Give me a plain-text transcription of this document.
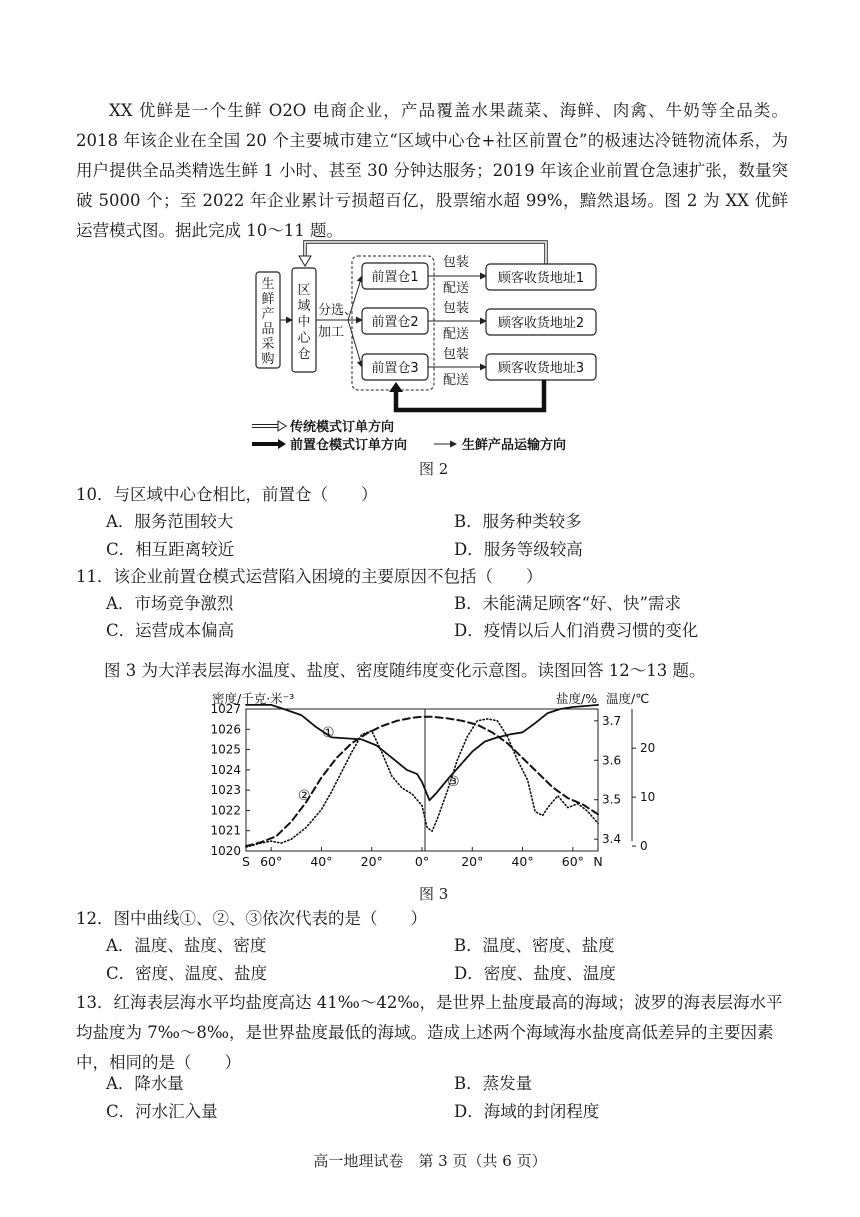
XX 优鲜是一个生鲜 O2O 电商企业，产品覆盖水果蔬菜、海鲜、肉禽、牛奶等全品类。2018 年该企业在全国 20 个主要城市建立“区域中心仓+社区前置仓”的极速达冷链物流体系，为用户提供全品类精选生鲜 1 小时、甚至 30 分钟达服务；2019 年该企业前置仓急速扩张，数量突破 5000 个；至 2022 年企业累计亏损超百亿，股票缩水超 99%，黯然退场。图 2 为 XX 优鲜运营模式图。据此完成 10～11 题。
生
鲜
产
品
采
购
区
域
中
心
仓
分选、
加工
前置仓1
前置仓2
前置仓3
包装
配送
包装
配送
包装
配送
顾客收货地址1
顾客收货地址2
顾客收货地址3
传统模式订单方向
前置仓模式订单方向	生鲜产品运输方向
图 2
10．与区域中心仓相比，前置仓（　　）
A．服务范围较大	B．服务种类较多
C．相互距离较近	D．服务等级较高
11．该企业前置仓模式运营陷入困境的主要原因不包括（　　）
A．市场竞争激烈	B．未能满足顾客“好、快”需求
C．运营成本偏高	D．疫情以后人们消费习惯的变化
图 3 为大洋表层海水温度、盐度、密度随纬度变化示意图。读图回答 12～13 题。
密度/千克·米⁻³	盐度/% 温度/℃
1020
1021
1022
1023
1024
1025
1026
1027
3.4
3.5
3.6
3.7
0
10
20
S 60° 40° 20°	0°	20° 40° 60° N
①
②
③
图 3
12．图中曲线①、②、③依次代表的是（　　）
A．温度、盐度、密度	B．温度、密度、盐度
C．密度、温度、盐度	D．密度、盐度、温度
13．红海表层海水平均盐度高达 41‰～42‰，是世界上盐度最高的海域；波罗的海表层海水平均盐度为 7‰～8‰，是世界盐度最低的海域。造成上述两个海域海水盐度高低差异的主要因素中，相同的是（　　）
A．降水量	B．蒸发量
C．河水汇入量	D．海域的封闭程度
高一地理试卷　第 3 页（共 6 页）
